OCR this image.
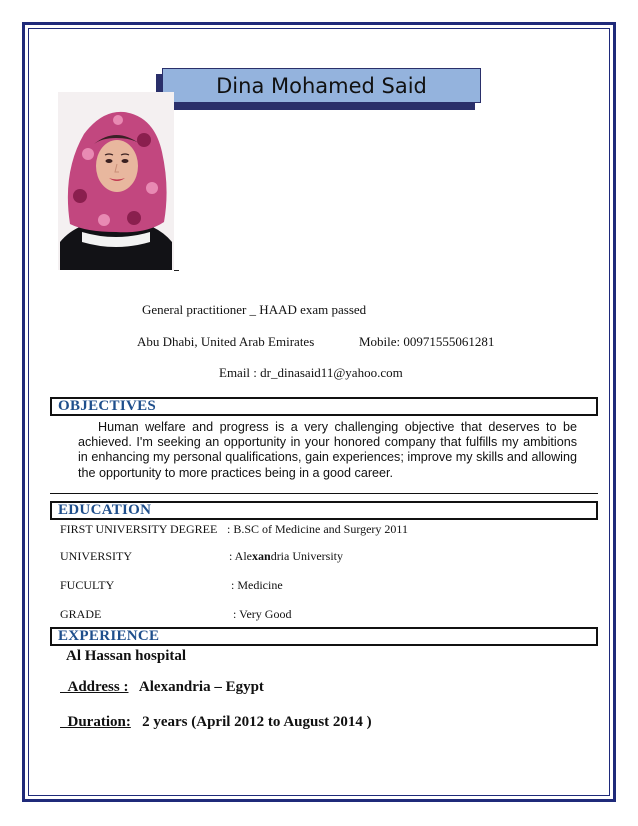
Dina Mohamed Said
General practitioner _ HAAD exam passed
Abu Dhabi, United Arab Emirates	Mobile: 00971555061281
Email : dr_dinasaid11@yahoo.com
OBJECTIVES
Human welfare and progress is a very challenging objective that deserves to be achieved. I'm seeking an opportunity in your honored company that fulfills my ambitions in enhancing my personal qualifications, gain experiences; improve my skills and allowing the opportunity to more practices being in a good career.
EDUCATION
FIRST UNIVERSITY DEGREE : B.SC of Medicine and Surgery 2011
UNIVERSITY	: Alexandria University
FUCULTY	: Medicine
GRADE	: Very Good
EXPERIENCE
Al Hassan hospital
Address : Alexandria – Egypt
Duration: 2 years (April 2012 to August 2014 )
